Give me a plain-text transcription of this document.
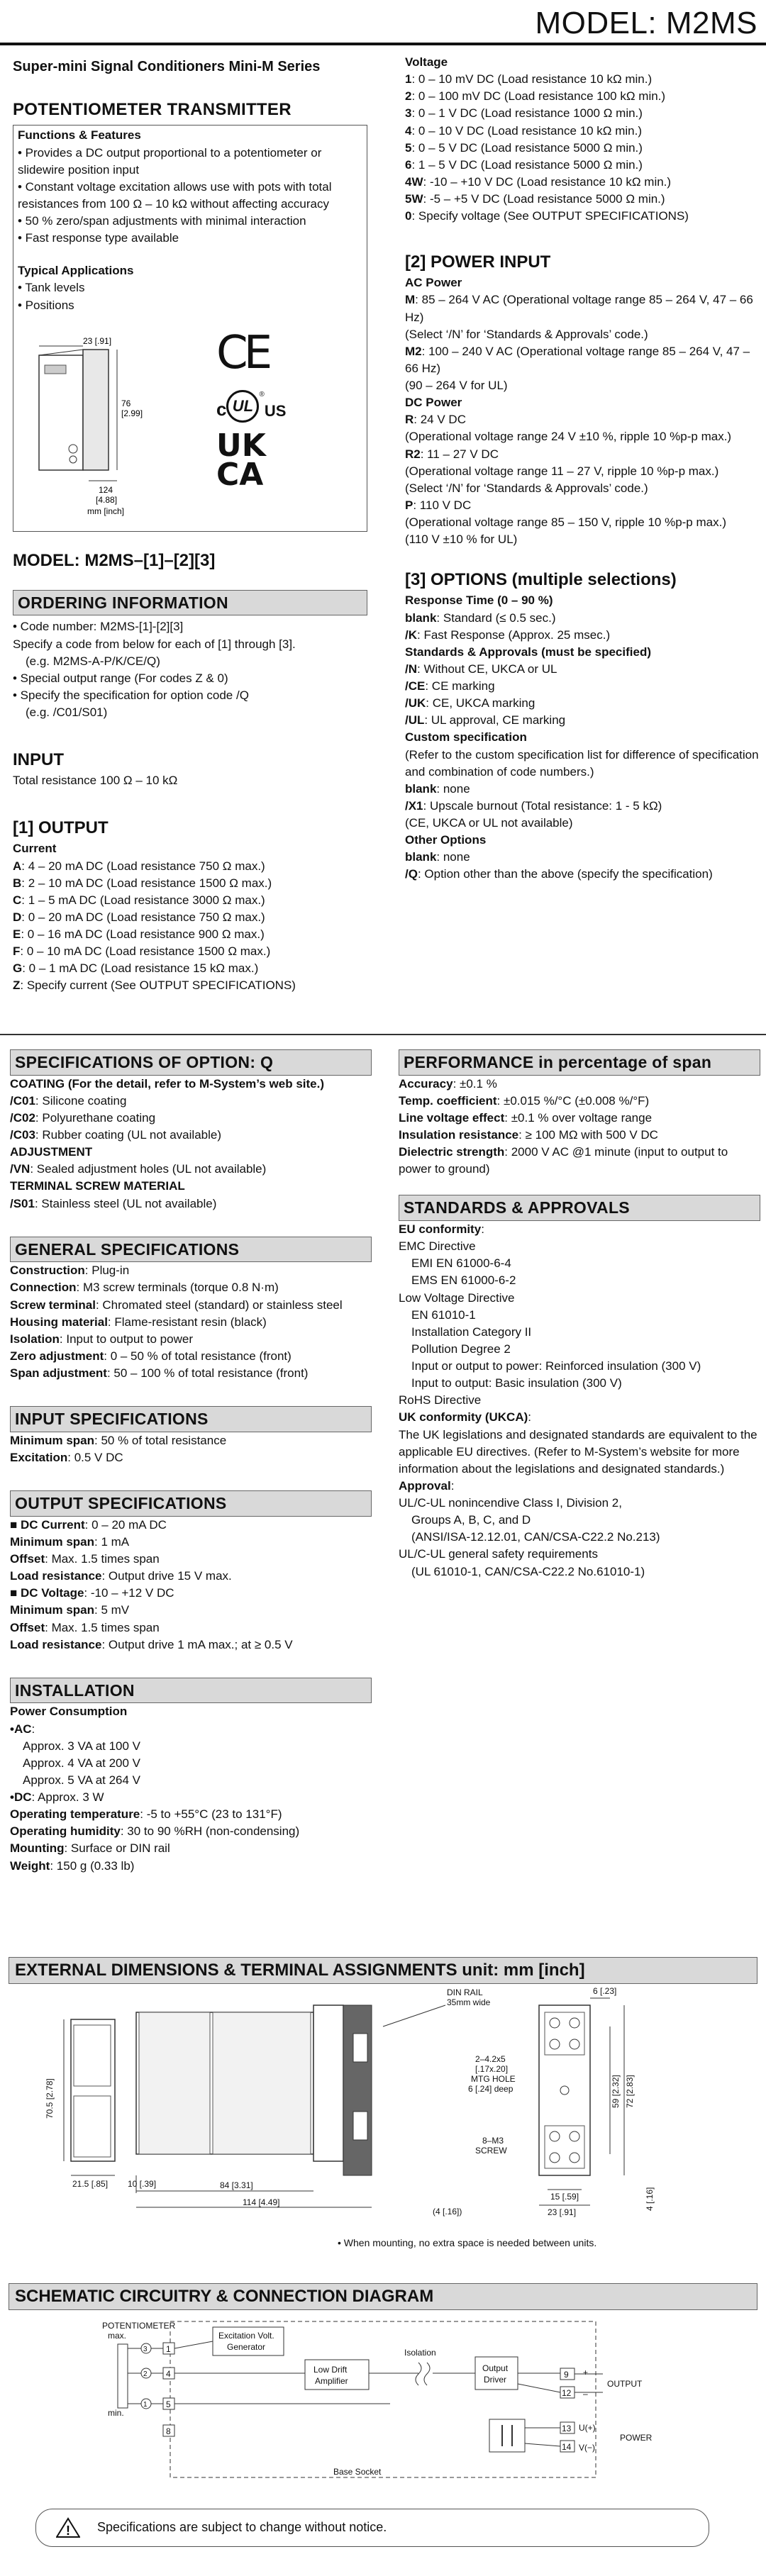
MODEL: M2MS
Super-mini Signal Conditioners Mini-M Series
POTENTIOMETER TRANSMITTER
Functions & Features
• Provides a DC output proportional to a potentiometer or slidewire position input
• Constant voltage excitation allows use with pots with total resistances from 100 Ω – 10 kΩ without affecting accuracy
• 50 % zero/span adjustments with minimal interaction
• Fast response type available
Typical Applications
• Tank levels
• Positions
23 [.91]
76
[2.99]
124
[4.88]
mm [inch]
CE
c UL
®
US
UK
CA
MODEL: M2MS–[1]–[2][3]
ORDERING INFORMATION
• Code number: M2MS-[1]-[2][3]
Specify a code from below for each of [1] through [3].
(e.g. M2MS-A-P/K/CE/Q)
• Special output range (For codes Z & 0)
• Specify the specification for option code /Q
(e.g. /C01/S01)
INPUT
Total resistance 100 Ω – 10 kΩ
[1] OUTPUT
Current
A: 4 – 20 mA DC (Load resistance 750 Ω max.)
B: 2 – 10 mA DC (Load resistance 1500 Ω max.)
C: 1 – 5 mA DC (Load resistance 3000 Ω max.)
D: 0 – 20 mA DC (Load resistance 750 Ω max.)
E: 0 – 16 mA DC (Load resistance 900 Ω max.)
F: 0 – 10 mA DC (Load resistance 1500 Ω max.)
G: 0 – 1 mA DC (Load resistance 15 kΩ max.)
Z: Specify current (See OUTPUT SPECIFICATIONS)
Voltage
1: 0 – 10 mV DC (Load resistance 10 kΩ min.)
2: 0 – 100 mV DC (Load resistance 100 kΩ min.)
3: 0 – 1 V DC (Load resistance 1000 Ω min.)
4: 0 – 10 V DC (Load resistance 10 kΩ min.)
5: 0 – 5 V DC (Load resistance 5000 Ω min.)
6: 1 – 5 V DC (Load resistance 5000 Ω min.)
4W: -10 – +10 V DC (Load resistance 10 kΩ min.)
5W: -5 – +5 V DC (Load resistance 5000 Ω min.)
0: Specify voltage (See OUTPUT SPECIFICATIONS)
[2] POWER INPUT
AC Power
M: 85 – 264 V AC (Operational voltage range 85 – 264 V, 47 – 66 Hz)
(Select ‘/N’ for ‘Standards & Approvals’ code.)
M2: 100 – 240 V AC (Operational voltage range 85 – 264 V, 47 – 66 Hz)
(90 – 264 V for UL)
DC Power
R: 24 V DC
(Operational voltage range 24 V ±10 %, ripple 10 %p-p max.)
R2: 11 – 27 V DC
(Operational voltage range 11 – 27 V, ripple 10 %p-p max.)
(Select ‘/N’ for ‘Standards & Approvals’ code.)
P: 110 V DC
(Operational voltage range 85 – 150 V, ripple 10 %p-p max.)
(110 V ±10 % for UL)
[3] OPTIONS (multiple selections)
Response Time (0 – 90 %)
blank: Standard (≤ 0.5 sec.)
/K: Fast Response (Approx. 25 msec.)
Standards & Approvals (must be specified)
/N: Without CE, UKCA or UL
/CE: CE marking
/UK: CE, UKCA marking
/UL: UL approval, CE marking
Custom specification
(Refer to the custom specification list for difference of specification and combination of code numbers.)
blank: none
/X1: Upscale burnout (Total resistance: 1 - 5 kΩ)
(CE, UKCA or UL not available)
Other Options
blank: none
/Q: Option other than the above (specify the specification)
SPECIFICATIONS OF OPTION: Q
COATING (For the detail, refer to M-System’s web site.)
/C01: Silicone coating
/C02: Polyurethane coating
/C03: Rubber coating (UL not available)
ADJUSTMENT
/VN: Sealed adjustment holes (UL not available)
TERMINAL SCREW MATERIAL
/S01: Stainless steel (UL not available)
GENERAL SPECIFICATIONS
Construction: Plug-in
Connection: M3 screw terminals (torque 0.8 N·m)
Screw terminal: Chromated steel (standard) or stainless steel
Housing material: Flame-resistant resin (black)
Isolation: Input to output to power
Zero adjustment: 0 – 50 % of total resistance (front)
Span adjustment: 50 – 100 % of total resistance (front)
INPUT SPECIFICATIONS
Minimum span: 50 % of total resistance
Excitation: 0.5 V DC
OUTPUT SPECIFICATIONS
■ DC Current: 0 – 20 mA DC
Minimum span: 1 mA
Offset: Max. 1.5 times span
Load resistance: Output drive 15 V max.
■ DC Voltage: -10 – +12 V DC
Minimum span: 5 mV
Offset: Max. 1.5 times span
Load resistance: Output drive 1 mA max.; at ≥ 0.5 V
INSTALLATION
Power Consumption
•AC:
Approx. 3 VA at 100 V
Approx. 4 VA at 200 V
Approx. 5 VA at 264 V
•DC: Approx. 3 W
Operating temperature: -5 to +55°C (23 to 131°F)
Operating humidity: 30 to 90 %RH (non-condensing)
Mounting: Surface or DIN rail
Weight: 150 g (0.33 lb)
PERFORMANCE in percentage of span
Accuracy: ±0.1 %
Temp. coefficient: ±0.015 %/°C (±0.008 %/°F)
Line voltage effect: ±0.1 % over voltage range
Insulation resistance: ≥ 100 MΩ with 500 V DC
Dielectric strength: 2000 V AC @1 minute (input to output to power to ground)
STANDARDS & APPROVALS
EU conformity:
EMC Directive
EMI EN 61000-6-4
EMS EN 61000-6-2
Low Voltage Directive
EN 61010-1
Installation Category II
Pollution Degree 2
Input or output to power: Reinforced insulation (300 V)
Input to output: Basic insulation (300 V)
RoHS Directive
UK conformity (UKCA):
The UK legislations and designated standards are equivalent to the applicable EU directives. (Refer to M-System’s website for more information about the legislations and designated standards.)
Approval:
UL/C-UL nonincendive Class I, Division 2,
Groups A, B, C, and D
(ANSI/ISA-12.12.01, CAN/CSA-C22.2 No.213)
UL/C-UL general safety requirements
(UL 61010-1, CAN/CSA-C22.2 No.61010-1)
EXTERNAL DIMENSIONS & TERMINAL ASSIGNMENTS unit: mm [inch]
70.5 [2.78]
21.5 [.85] 10 [.39]	84 [3.31]
114 [4.49]
(4 [.16])
DIN RAIL
35mm wide
2–4.2x5
[.17x.20]
MTG HOLE
6 [.24] deep
8–M3
SCREW
6 [.23]
59 [2.32] 72 [2.83]
4 [.16]
15 [.59]
23 [.91]
• When mounting, no extra space is needed between units.
SCHEMATIC CIRCUITRY & CONNECTION DIAGRAM
POTENTIOMETER
max.
min.
3
2
1
1
4
5
8
Excitation Volt.
Generator
Low Drift
Amplifier
Isolation
Output
Driver	9
12
+
–
OUTPUT
13
14
U(+)
V(−)
POWER
Base Socket
! Specifications are subject to change without notice.
